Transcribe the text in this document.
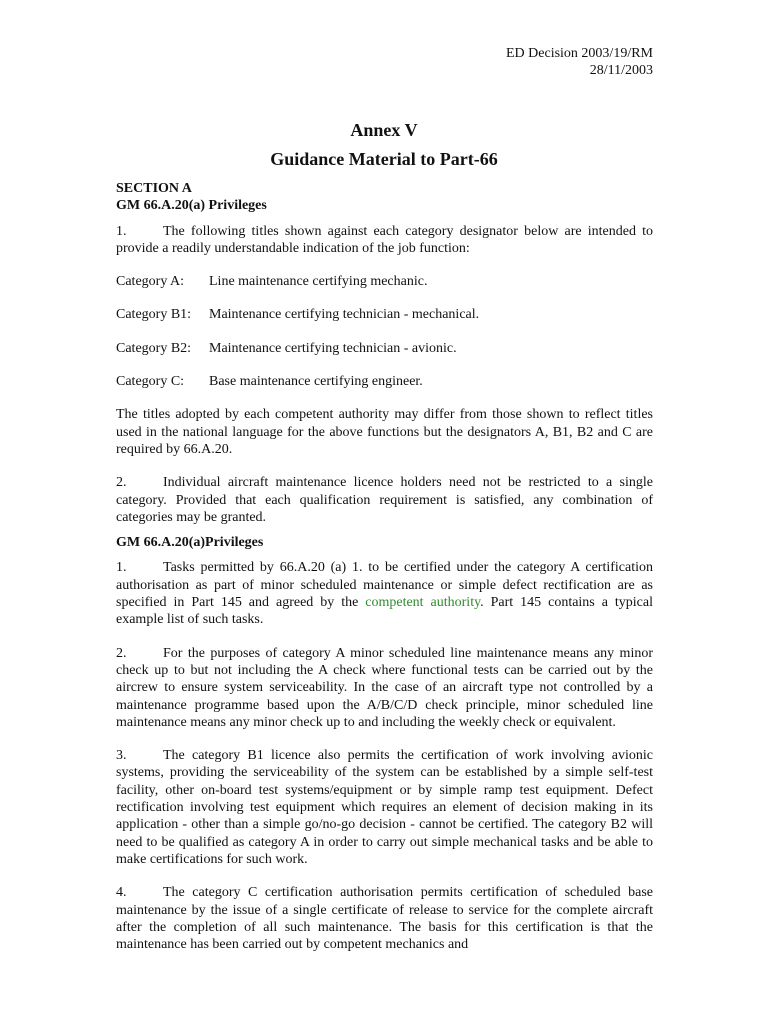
ED Decision 2003/19/RM
28/11/2003
Annex V
Guidance Material to Part-66

SECTION A

GM 66.A.20(a) Privileges

1.	The following titles shown against each category designator below are intended to provide a readily understandable indication of the job function:

Category A:	Line maintenance certifying mechanic.
Category B1:	Maintenance certifying technician - mechanical.
Category B2:	Maintenance certifying technician - avionic.
Category C:	Base maintenance certifying engineer.

The titles adopted by each competent authority may differ from those shown to reflect titles used in the national language for the above functions but the designators A, B1, B2 and C are required by 66.A.20.

2.	Individual aircraft maintenance licence holders need not be restricted to a single category. Provided that each qualification requirement is satisfied, any combination of categories may be granted.

GM 66.A.20(a)Privileges

1.	Tasks permitted by 66.A.20 (a) 1. to be certified under the category A certification authorisation as part of minor scheduled maintenance or simple defect rectification are as specified in Part 145 and agreed by the competent authority. Part 145 contains a typical example list of such tasks.

2.	For the purposes of category A minor scheduled line maintenance means any minor check up to but not including the A check where functional tests can be carried out by the aircrew to ensure system serviceability. In the case of an aircraft type not controlled by a maintenance programme based upon the A/B/C/D check principle, minor scheduled line maintenance means any minor check up to and including the weekly check or equivalent.

3.	The category B1 licence also permits the certification of work involving avionic systems, providing the serviceability of the system can be established by a simple self-test facility, other on-board test systems/equipment or by simple ramp test equipment. Defect rectification involving test equipment which requires an element of decision making in its application - other than a simple go/no-go decision - cannot be certified. The category B2 will need to be qualified as category A in order to carry out simple mechanical tasks and be able to make certifications for such work.

4.	The category C certification authorisation permits certification of scheduled base maintenance by the issue of a single certificate of release to service for the complete aircraft after the completion of all such maintenance. The basis for this certification is that the maintenance has been carried out by competent mechanics and
